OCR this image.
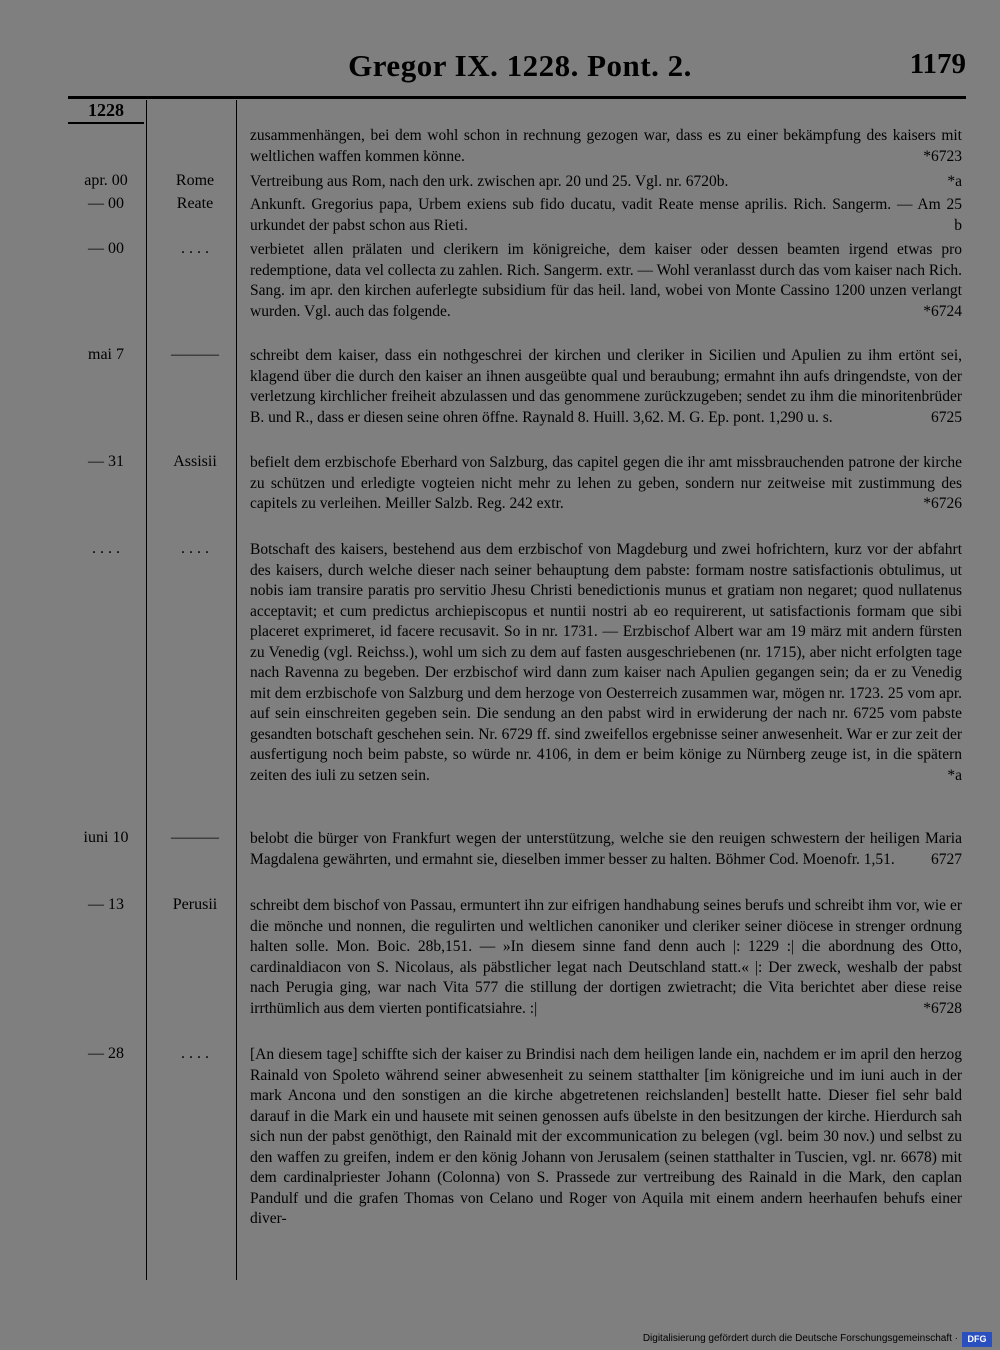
Gregor IX. 1228. Pont. 2.	1179
1228
zusammenhängen, bei dem wohl schon in rechnung gezogen war, dass es zu einer bekämpfung des kaisers mit weltlichen waffen kommen könne.	*6723
apr. 00	Rome	Vertreibung aus Rom, nach den urk. zwischen apr. 20 und 25. Vgl. nr. 6720b.	*a
— 00	Reate	Ankunft. Gregorius papa, Urbem exiens sub fido ducatu, vadit Reate mense aprilis. Rich. Sangerm. — Am 25 urkundet der pabst schon aus Rieti.	b
— 00	. . . .	verbietet allen prälaten und clerikern im königreiche, dem kaiser oder dessen beamten irgend etwas pro redemptione, data vel collecta zu zahlen. Rich. Sangerm. extr. — Wohl veranlasst durch das vom kaiser nach Rich. Sang. im apr. den kirchen auferlegte subsidium für das heil. land, wobei von Monte Cassino 1200 unzen verlangt wurden. Vgl. auch das folgende.	*6724
mai 7	———	schreibt dem kaiser, dass ein nothgeschrei der kirchen und cleriker in Sicilien und Apulien zu ihm ertönt sei, klagend über die durch den kaiser an ihnen ausgeübte qual und beraubung; ermahnt ihn aufs dringendste, von der verletzung kirchlicher freiheit abzulassen und das genommene zurückzugeben; sendet zu ihm die minoritenbrüder B. und R., dass er diesen seine ohren öffne. Raynald 8. Huill. 3,62. M. G. Ep. pont. 1,290 u. s.	6725
— 31	Assisii	befielt dem erzbischofe Eberhard von Salzburg, das capitel gegen die ihr amt missbrauchenden patrone der kirche zu schützen und erledigte vogteien nicht mehr zu lehen zu geben, sondern nur zeitweise mit zustimmung des capitels zu verleihen. Meiller Salzb. Reg. 242 extr.	*6726
. . . .	. . . .	Botschaft des kaisers, bestehend aus dem erzbischof von Magdeburg und zwei hofrichtern, kurz vor der abfahrt des kaisers, durch welche dieser nach seiner behauptung dem pabste: formam nostre satisfactionis obtulimus, ut nobis iam transire paratis pro servitio Jhesu Christi benedictionis munus et gratiam non negaret; quod nullatenus acceptavit; et cum predictus archiepiscopus et nuntii nostri ab eo requirerent, ut satisfactionis formam que sibi placeret exprimeret, id facere recusavit. So in nr. 1731. — Erzbischof Albert war am 19 märz mit andern fürsten zu Venedig (vgl. Reichss.), wohl um sich zu dem auf fasten ausgeschriebenen (nr. 1715), aber nicht erfolgten tage nach Ravenna zu begeben. Der erzbischof wird dann zum kaiser nach Apulien gegangen sein; da er zu Venedig mit dem erzbischofe von Salzburg und dem herzoge von Oesterreich zusammen war, mögen nr. 1723. 25 vom apr. auf sein einschreiten gegeben sein. Die sendung an den pabst wird in erwiderung der nach nr. 6725 vom pabste gesandten botschaft geschehen sein. Nr. 6729 ff. sind zweifellos ergebnisse seiner anwesenheit. War er zur zeit der ausfertigung noch beim pabste, so würde nr. 4106, in dem er beim könige zu Nürnberg zeuge ist, in die spätern zeiten des iuli zu setzen sein.	*a
iuni 10	———	belobt die bürger von Frankfurt wegen der unterstützung, welche sie den reuigen schwestern der heiligen Maria Magdalena gewährten, und ermahnt sie, dieselben immer besser zu halten. Böhmer Cod. Moenofr. 1,51. 6727
— 13	Perusii	schreibt dem bischof von Passau, ermuntert ihn zur eifrigen handhabung seines berufs und schreibt ihm vor, wie er die mönche und nonnen, die regulirten und weltlichen canoniker und cleriker seiner diöcese in strenger ordnung halten solle. Mon. Boic. 28b,151. — »In diesem sinne fand denn auch |: 1229 :| die abordnung des Otto, cardinaldiacon von S. Nicolaus, als päbstlicher legat nach Deutschland statt.« |: Der zweck, weshalb der pabst nach Perugia ging, war nach Vita 577 die stillung der dortigen zwietracht; die Vita berichtet aber diese reise irrthümlich aus dem vierten pontificatsiahre. :|	*6728
— 28	. . . .	[An diesem tage] schiffte sich der kaiser zu Brindisi nach dem heiligen lande ein, nachdem er im april den herzog Rainald von Spoleto während seiner abwesenheit zu seinem statthalter [im königreiche und im iuni auch in der mark Ancona und den sonstigen an die kirche abgetretenen reichslanden] bestellt hatte. Dieser fiel sehr bald darauf in die Mark ein und hausete mit seinen genossen aufs übelste in den besitzungen der kirche. Hierdurch sah sich nun der pabst genöthigt, den Rainald mit der excommunication zu belegen (vgl. beim 30 nov.) und selbst zu den waffen zu greifen, indem er den könig Johann von Jerusalem (seinen statthalter in Tuscien, vgl. nr. 6678) mit dem cardinalpriester Johann (Colonna) von S. Prassede zur vertreibung des Rainald in die Mark, den caplan Pandulf und die grafen Thomas von Celano und Roger von Aquila mit einem andern heerhaufen behufs einer diver-
Digitalisierung gefördert durch die Deutsche Forschungsgemeinschaft ·	DFG
